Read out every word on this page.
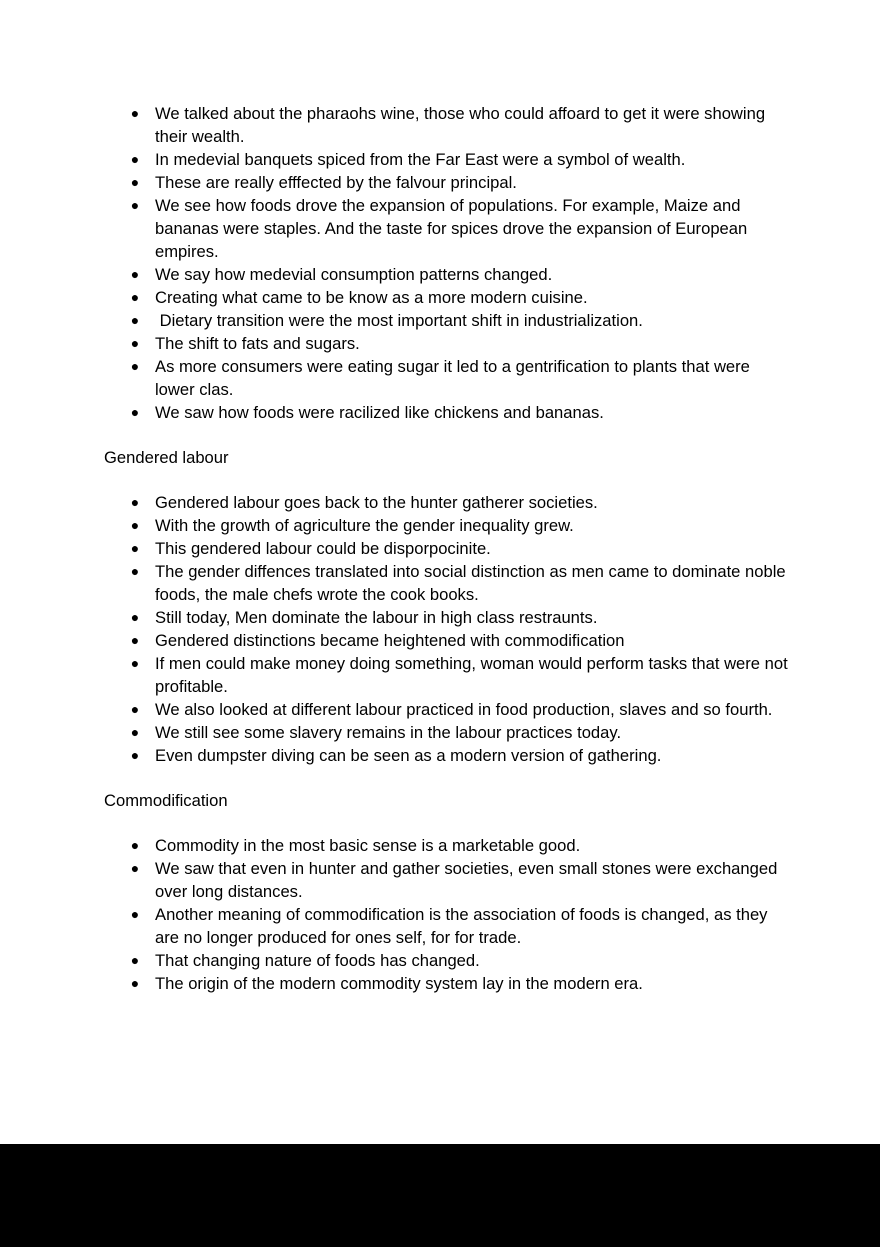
● We talked about the pharaohs wine, those who could affoard to get it were showing their wealth.
● In medevial banquets spiced from the Far East were a symbol of wealth.
● These are really efffected by the falvour principal.
● We see how foods drove the expansion of populations. For example, Maize and bananas were staples. And the taste for spices drove the expansion of European empires.
● We say how medevial consumption patterns changed.
● Creating what came to be know as a more modern cuisine.
● Dietary transition were the most important shift in industrialization.
● The shift to fats and sugars.
● As more consumers were eating sugar it led to a gentrification to plants that were lower clas.
● We saw how foods were racilized like chickens and bananas.
Gendered labour
● Gendered labour goes back to the hunter gatherer societies.
● With the growth of agriculture the gender inequality grew.
● This gendered labour could be disporpocinite.
● The gender diffences translated into social distinction as men came to dominate noble foods, the male chefs wrote the cook books.
● Still today, Men dominate the labour in high class restraunts.
● Gendered distinctions became heightened with commodification
● If men could make money doing something, woman would perform tasks that were not profitable.
● We also looked at different labour practiced in food production, slaves and so fourth.
● We still see some slavery remains in the labour practices today.
● Even dumpster diving can be seen as a modern version of gathering.
Commodification
● Commodity in the most basic sense is a marketable good.
● We saw that even in hunter and gather societies, even small stones were exchanged over long distances.
● Another meaning of commodification is the association of foods is changed, as they are no longer produced for ones self, for for trade.
● That changing nature of foods has changed.
● The origin of the modern commodity system lay in the modern era.
